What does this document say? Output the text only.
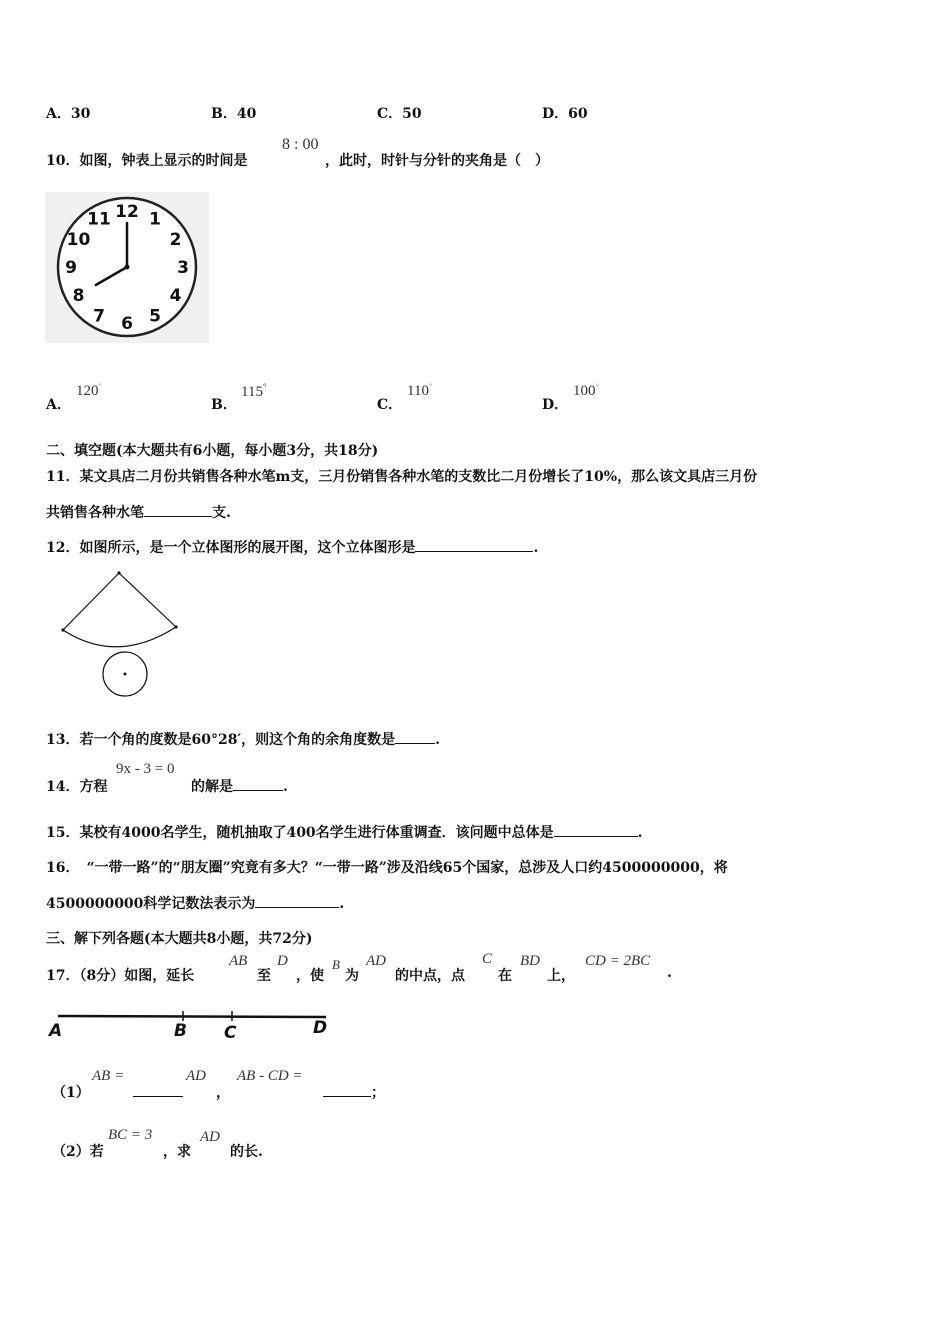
A．30	B．40	C．50	D．60
10．如图，钟表上显示的时间是
8 : 00
，此时，时针与分针的夹角是（　）
12 1
2
3
4
5
6
7
8
9
10
11
A．
120°
B．
115°
C．
110°
D．
100°
二、填空题(本大题共有6小题，每小题3分，共18分)
11．某文具店二月份共销售各种水笔m支，三月份销售各种水笔的支数比二月份增长了10%，那么该文具店三月份
共销售各种水笔	支.
12．如图所示，是一个立体图形的展开图，这个立体图形是	.
13．若一个角的度数是60°28′，则这个角的余角度数是	.
14．方程
9x - 3 = 0
的解是	.
15．某校有4000名学生，随机抽取了400名学生进行体重调查．该问题中总体是	.
16．　“一带一路”的“朋友圈”究竟有多大？“一带一路”涉及沿线65个国家，总涉及人口约4500000000，将
4500000000科学记数法表示为	.
三、解下列各题(本大题共8小题，共72分)
17．（8分）如图，延长
AB
至
D
，使
B
为
AD
的中点，点
C
在
BD
上，
CD = 2BC
.
A	B C	D
（1）
AB =	AD
，
AB - CD =
；
（2）若
BC = 3
，求
AD
的长.
